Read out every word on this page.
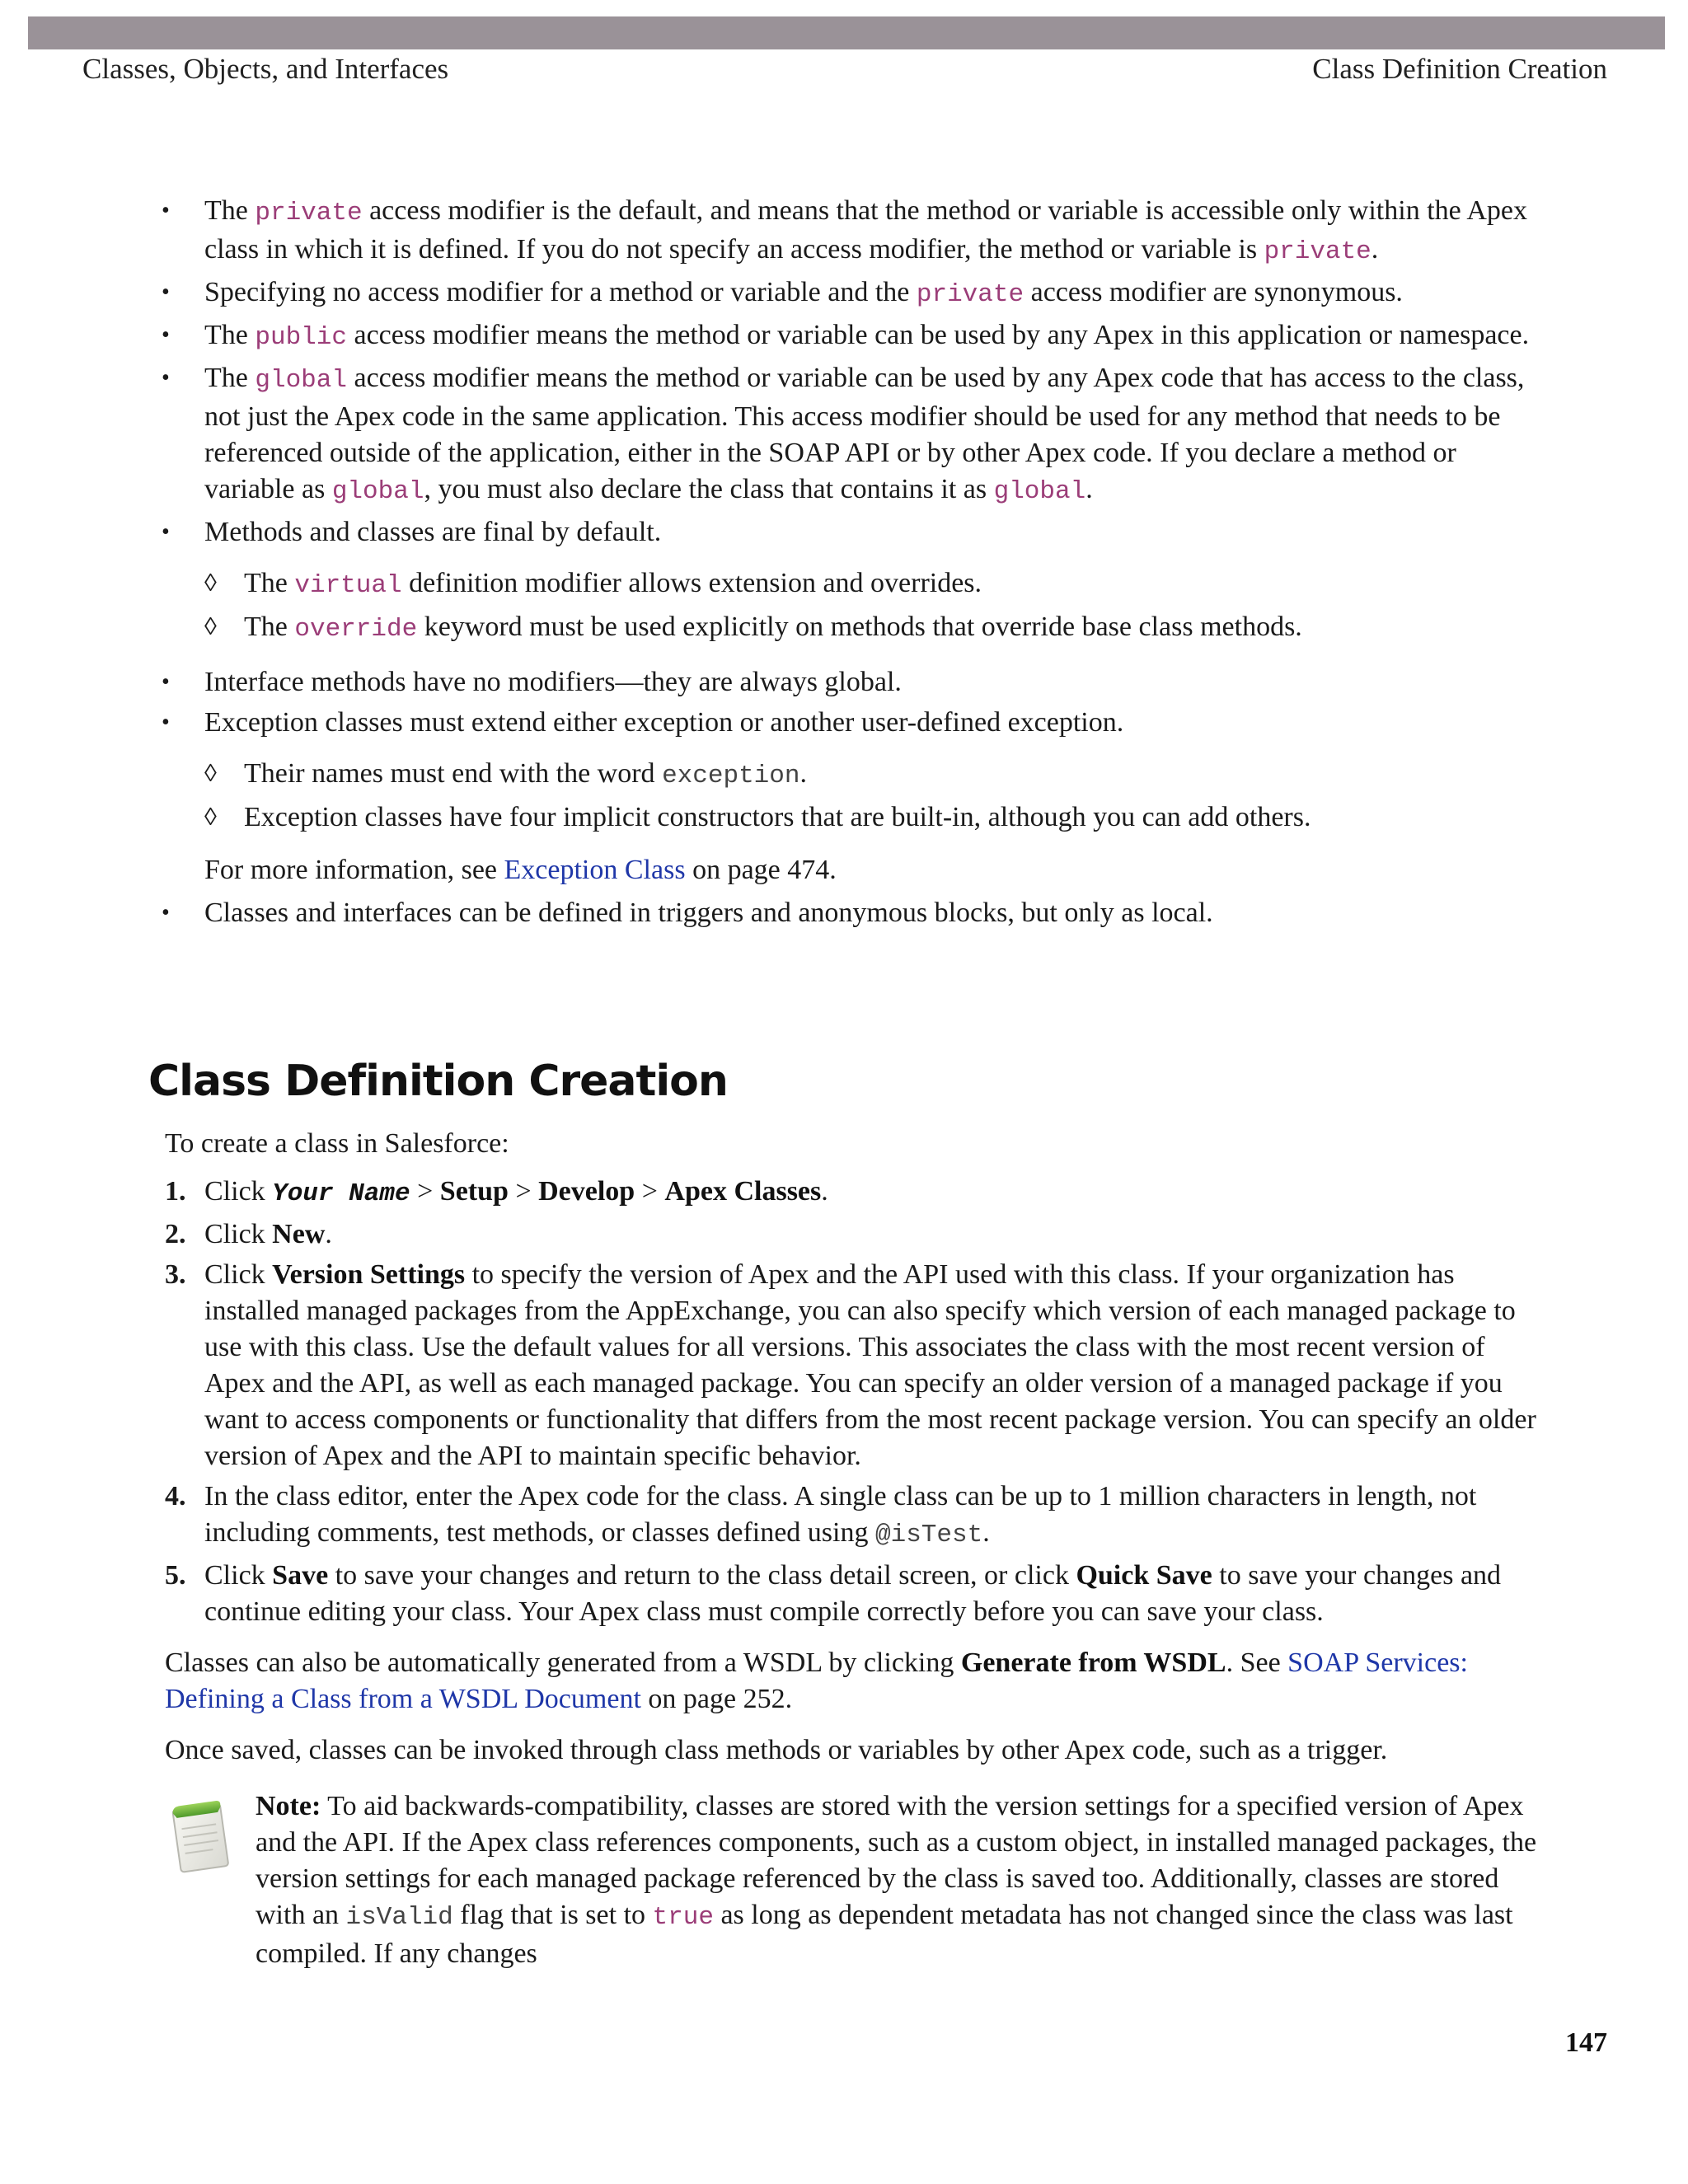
Classes, Objects, and Interfaces	Class Definition Creation
• The private access modifier is the default, and means that the method or variable is accessible only within the Apex class in which it is defined. If you do not specify an access modifier, the method or variable is private.
• Specifying no access modifier for a method or variable and the private access modifier are synonymous.
• The public access modifier means the method or variable can be used by any Apex in this application or namespace.
• The global access modifier means the method or variable can be used by any Apex code that has access to the class, not just the Apex code in the same application. This access modifier should be used for any method that needs to be referenced outside of the application, either in the SOAP API or by other Apex code. If you declare a method or variable as global, you must also declare the class that contains it as global.
• Methods and classes are final by default.
◊ The virtual definition modifier allows extension and overrides.
◊ The override keyword must be used explicitly on methods that override base class methods.
• Interface methods have no modifiers—they are always global.
• Exception classes must extend either exception or another user-defined exception.
◊ Their names must end with the word exception.
◊ Exception classes have four implicit constructors that are built-in, although you can add others.
For more information, see Exception Class on page 474.
• Classes and interfaces can be defined in triggers and anonymous blocks, but only as local.
Class Definition Creation

To create a class in Salesforce:

1. Click Your Name > Setup > Develop > Apex Classes.
2. Click New.
3. Click Version Settings to specify the version of Apex and the API used with this class. If your organization has installed managed packages from the AppExchange, you can also specify which version of each managed package to use with this class. Use the default values for all versions. This associates the class with the most recent version of Apex and the API, as well as each managed package. You can specify an older version of a managed package if you want to access components or functionality that differs from the most recent package version. You can specify an older version of Apex and the API to maintain specific behavior.
4. In the class editor, enter the Apex code for the class. A single class can be up to 1 million characters in length, not including comments, test methods, or classes defined using @isTest.
5. Click Save to save your changes and return to the class detail screen, or click Quick Save to save your changes and continue editing your class. Your Apex class must compile correctly before you can save your class.

Classes can also be automatically generated from a WSDL by clicking Generate from WSDL. See SOAP Services: Defining a Class from a WSDL Document on page 252.

Once saved, classes can be invoked through class methods or variables by other Apex code, such as a trigger.

Note: To aid backwards-compatibility, classes are stored with the version settings for a specified version of Apex and the API. If the Apex class references components, such as a custom object, in installed managed packages, the version settings for each managed package referenced by the class is saved too. Additionally, classes are stored with an isValid flag that is set to true as long as dependent metadata has not changed since the class was last compiled. If any changes
147
